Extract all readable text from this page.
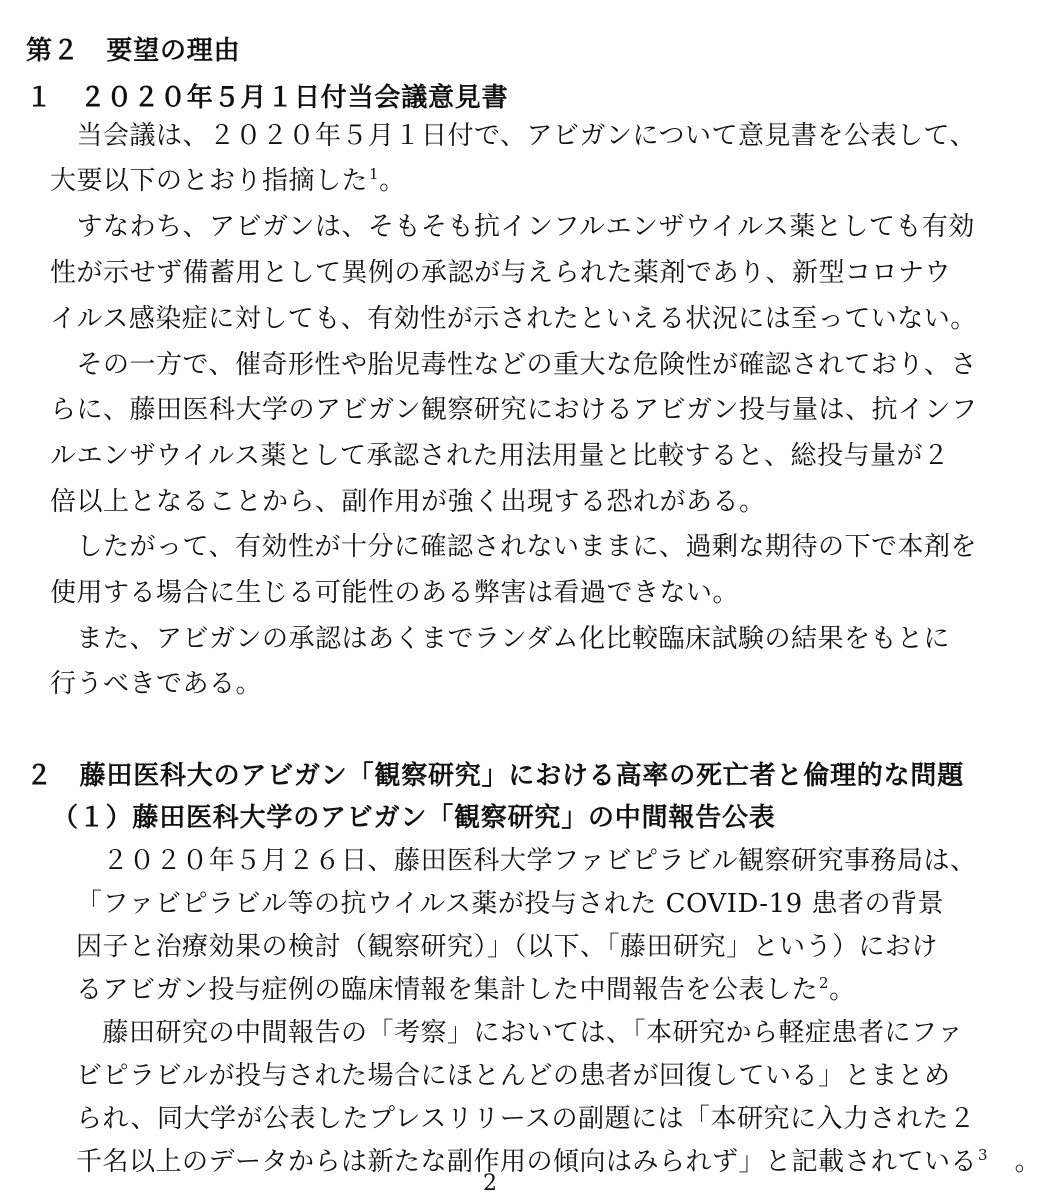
第２　要望の理由
１　２０２０年５月１日付当会議意見書
　当会議は、２０２０年５月１日付で、アビガンについて意見書を公表して、
大要以下のとおり指摘した$^1$。
　すなわち、アビガンは、そもそも抗インフルエンザウイルス薬としても有効
性が示せず備蓄用として異例の承認が与えられた薬剤であり、新型コロナウ
イルス感染症に対しても、有効性が示されたといえる状況には至っていない。
　その一方で、催奇形性や胎児毒性などの重大な危険性が確認されており、さ
らに、藤田医科大学のアビガン観察研究におけるアビガン投与量は、抗インフ
ルエンザウイルス薬として承認された用法用量と比較すると、総投与量が２
倍以上となることから、副作用が強く出現する恐れがある。
　したがって、有効性が十分に確認されないままに、過剰な期待の下で本剤を
使用する場合に生じる可能性のある弊害は看過できない。
　また、アビガンの承認はあくまでランダム化比較臨床試験の結果をもとに
行うべきである。
２　藤田医科大のアビガン「観察研究」における高率の死亡者と倫理的な問題
（１）藤田医科大学のアビガン「観察研究」の中間報告公表
　２０２０年５月２６日、藤田医科大学ファビピラビル観察研究事務局は、
「ファビピラビル等の抗ウイルス薬が投与された COVID-19 患者の背景
因子と治療効果の検討（観察研究）」（以下、「藤田研究」という）におけ
るアビガン投与症例の臨床情報を集計した中間報告を公表した$^2$。
　藤田研究の中間報告の「考察」においては、「本研究から軽症患者にファ
ビピラビルが投与された場合にほとんどの患者が回復している」とまとめ
られ、同大学が公表したプレスリリースの副題には「本研究に入力された２
千名以上のデータからは新たな副作用の傾向はみられず」と記載されている$^3$　。
2
